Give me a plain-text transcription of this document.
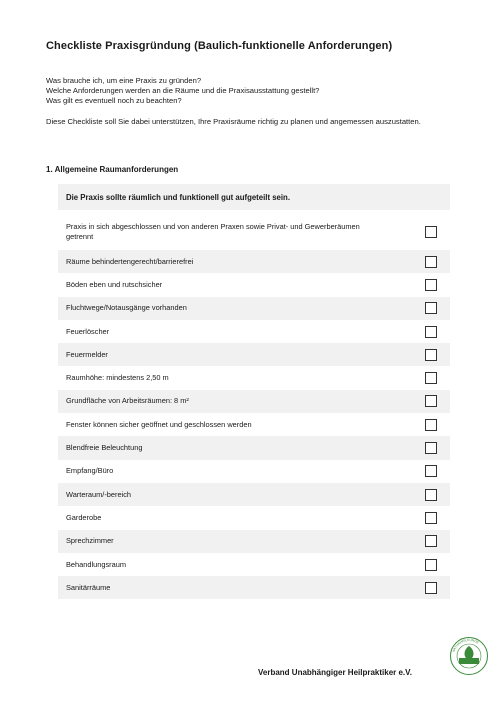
Checkliste Praxisgründung (Baulich-funktionelle Anforderungen)

Was brauche ich, um eine Praxis zu gründen?

Welche Anforderungen werden an die Räume und die Praxisausstattung gestellt?

Was gilt es eventuell noch zu beachten?

Diese Checkliste soll Sie dabei unterstützen, Ihre Praxisräume richtig zu planen und angemessen auszustatten.

1. Allgemeine Raumanforderungen
Die Praxis sollte räumlich und funktionell gut aufgeteilt sein.
Praxis in sich abgeschlossen und von anderen Praxen sowie Privat- und Gewerberäumen getrennt
Räume behindertengerecht/barrierefrei
Böden eben und rutschsicher
Fluchtwege/Notausgänge vorhanden
Feuerlöscher
Feuermelder
Raumhöhe: mindestens 2,50 m
Grundfläche von Arbeitsräumen: 8 m²
Fenster können sicher geöffnet und geschlossen werden
Blendfreie Beleuchtung
Empfang/Büro
Warteraum/-bereich
Garderobe
Sprechzimmer
Behandlungsraum
Sanitärräume
Verband Unabhängiger Heilpraktiker e.V.
NATURHEILKUNDE
